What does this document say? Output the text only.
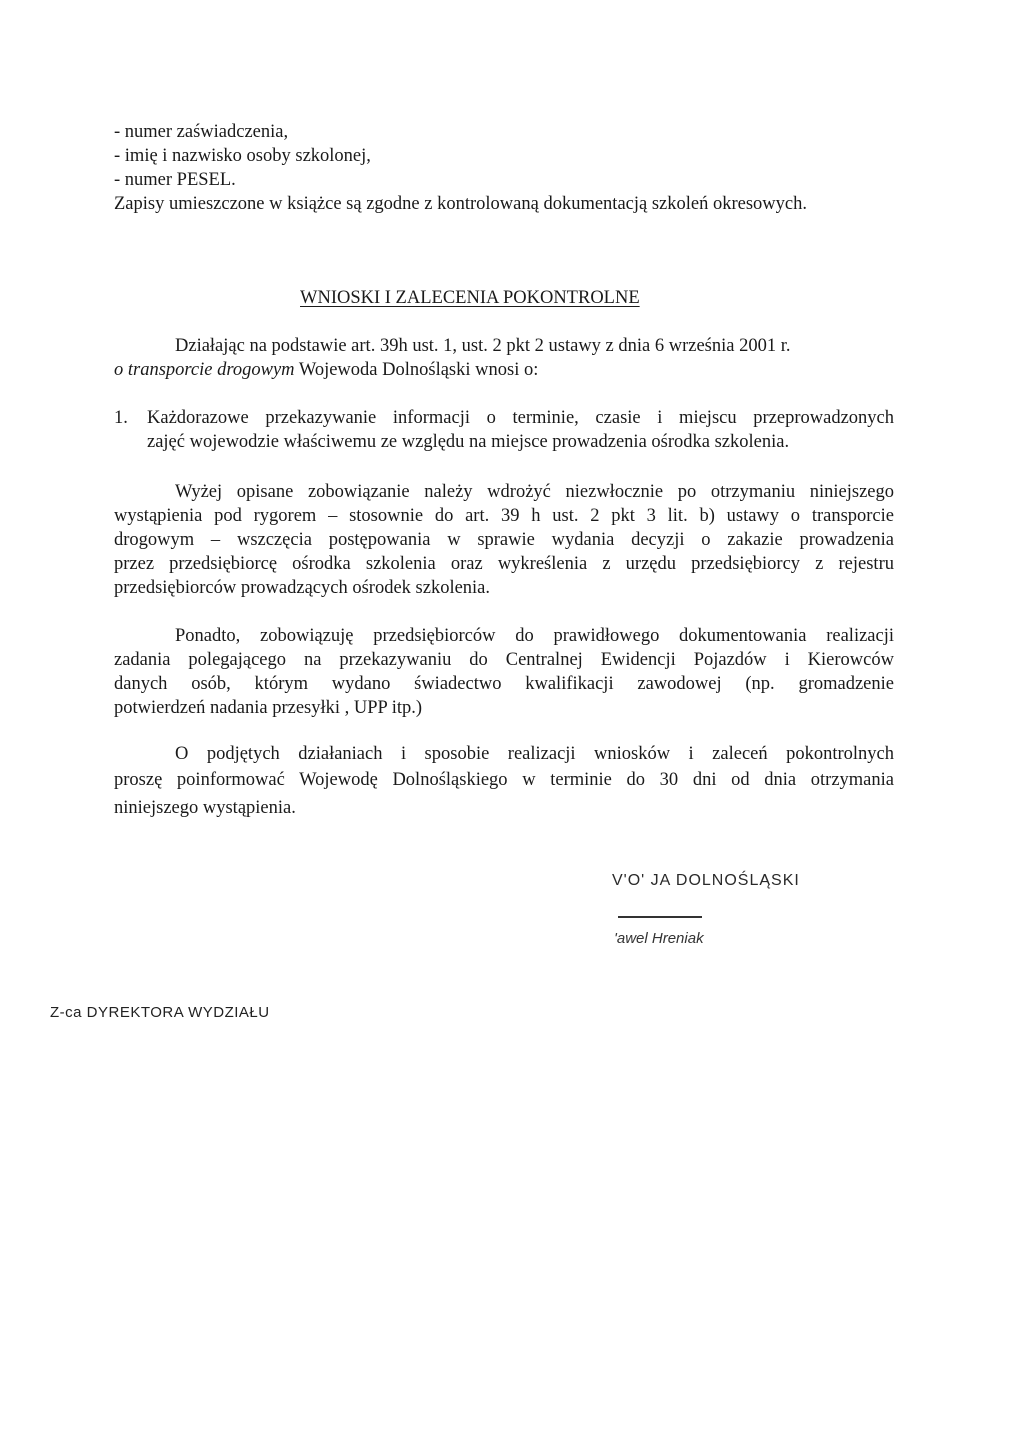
- numer zaświadczenia,
- imię i nazwisko osoby szkolonej,
- numer PESEL.
Zapisy umieszczone w książce są zgodne z kontrolowaną dokumentacją szkoleń okresowych.
WNIOSKI I ZALECENIA POKONTROLNE
Działając na podstawie art. 39h ust. 1, ust. 2 pkt 2 ustawy z dnia 6 września 2001 r.
o transporcie drogowym Wojewoda Dolnośląski wnosi o:
1. Każdorazowe przekazywanie informacji o terminie, czasie i miejscu przeprowadzonych
zajęć wojewodzie właściwemu ze względu na miejsce prowadzenia ośrodka szkolenia.
Wyżej opisane zobowiązanie należy wdrożyć niezwłocznie po otrzymaniu niniejszego
wystąpienia pod rygorem – stosownie do art. 39 h ust. 2 pkt 3 lit. b) ustawy o transporcie
drogowym – wszczęcia postępowania w sprawie wydania decyzji o zakazie prowadzenia
przez przedsiębiorcę ośrodka szkolenia oraz wykreślenia z urzędu przedsiębiorcy z rejestru
przedsiębiorców prowadzących ośrodek szkolenia.
Ponadto, zobowiązuję przedsiębiorców do prawidłowego dokumentowania realizacji
zadania polegającego na przekazywaniu do Centralnej Ewidencji Pojazdów i Kierowców
danych osób, którym wydano świadectwo kwalifikacji zawodowej (np. gromadzenie
potwierdzeń nadania przesyłki , UPP itp.)
O podjętych działaniach i sposobie realizacji wniosków i zaleceń pokontrolnych
proszę poinformować Wojewodę Dolnośląskiego w terminie do 30 dni od dnia otrzymania
niniejszego wystąpienia.
V'O' JA DOLNOŚLĄSKI
'awel Hreniak
Z-ca DYREKTORA WYDZIAŁU
